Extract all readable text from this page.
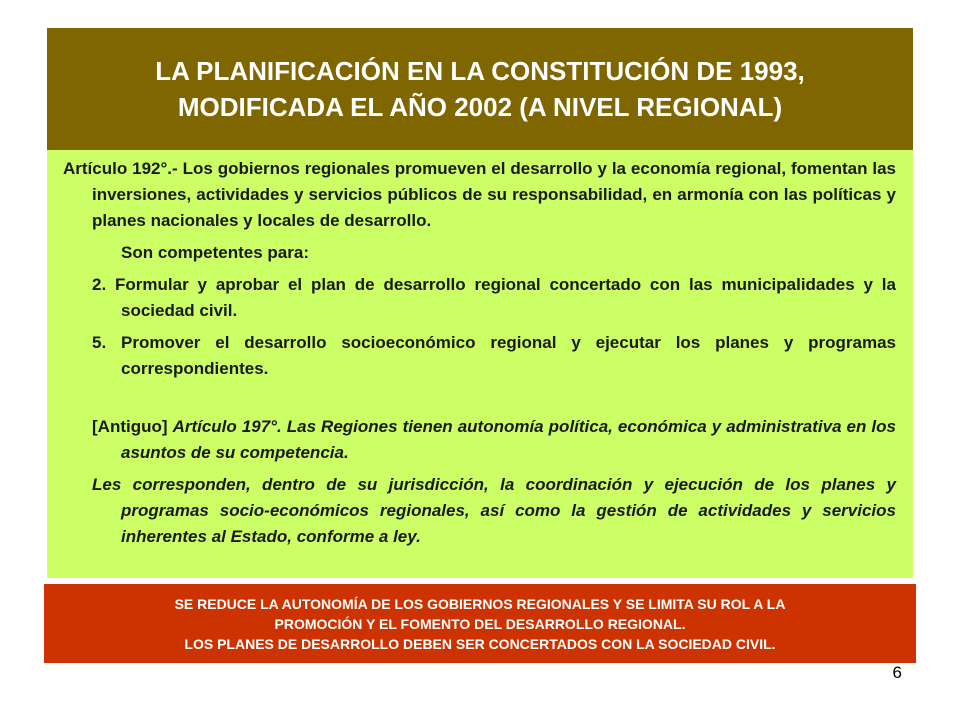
LA PLANIFICACIÓN EN LA CONSTITUCIÓN DE 1993,
MODIFICADA EL AÑO 2002 (A NIVEL REGIONAL)

Artículo 192°.- Los gobiernos regionales promueven el desarrollo y la economía regional, fomentan las inversiones, actividades y servicios públicos de su responsabilidad, en armonía con las políticas y planes nacionales y locales de desarrollo.

Son competentes para:

2. Formular y aprobar el plan de desarrollo regional concertado con las municipalidades y la sociedad civil.

5. Promover el desarrollo socioeconómico regional y ejecutar los planes y programas correspondientes.

[Antiguo] Artículo 197°. Las Regiones tienen autonomía política, económica y administrativa en los asuntos de su competencia.

Les corresponden, dentro de su jurisdicción, la coordinación y ejecución de los planes y programas socio-económicos regionales, así como la gestión de actividades y servicios inherentes al Estado, conforme a ley.

SE REDUCE LA AUTONOMÍA DE LOS GOBIERNOS REGIONALES Y SE LIMITA SU ROL A LA
PROMOCIÓN Y EL FOMENTO DEL DESARROLLO REGIONAL.
LOS PLANES DE DESARROLLO DEBEN SER CONCERTADOS CON LA SOCIEDAD CIVIL.
6
